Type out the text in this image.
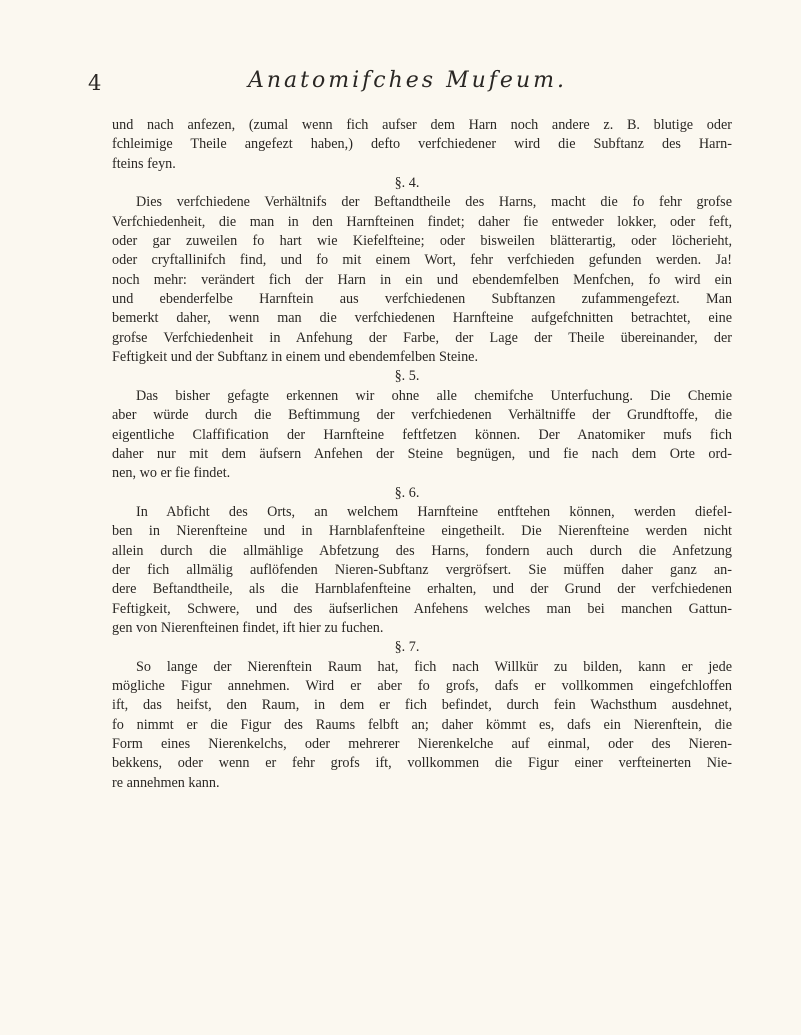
4	Anatomifches Mufeum.
und nach anfezen, (zumal wenn fich aufser dem Harn noch andere z. B. blutige oder
fchleimige Theile angefezt haben,) defto verfchiedener wird die Subftanz des Harn-
fteins feyn.
§. 4.
Dies verfchiedene Verhältnifs der Beftandtheile des Harns, macht die fo fehr grofse
Verfchiedenheit, die man in den Harnfteinen findet; daher fie entweder lokker, oder feft,
oder gar zuweilen fo hart wie Kiefelfteine; oder bisweilen blätterartig, oder löcherieht,
oder cryftallinifch find, und fo mit einem Wort, fehr verfchieden gefunden werden. Ja!
noch mehr: verändert fich der Harn in ein und ebendemfelben Menfchen, fo wird ein
und ebenderfelbe Harnftein aus verfchiedenen Subftanzen zufammengefezt. Man
bemerkt daher, wenn man die verfchiedenen Harnfteine aufgefchnitten betrachtet, eine
grofse Verfchiedenheit in Anfehung der Farbe, der Lage der Theile übereinander, der
Feftigkeit und der Subftanz in einem und ebendemfelben Steine.
§. 5.
Das bisher gefagte erkennen wir ohne alle chemifche Unterfuchung. Die Chemie
aber würde durch die Beftimmung der verfchiedenen Verhältniffe der Grundftoffe, die
eigentliche Claffification der Harnfteine feftfetzen können. Der Anatomiker mufs fich
daher nur mit dem äufsern Anfehen der Steine begnügen, und fie nach dem Orte ord-
nen, wo er fie findet.
§. 6.
In Abficht des Orts, an welchem Harnfteine entftehen können, werden diefel-
ben in Nierenfteine und in Harnblafenfteine eingetheilt. Die Nierenfteine werden nicht
allein durch die allmählige Abfetzung des Harns, fondern auch durch die Anfetzung
der fich allmälig auflöfenden Nieren-Subftanz vergröfsert. Sie müffen daher ganz an-
dere Beftandtheile, als die Harnblafenfteine erhalten, und der Grund der verfchiedenen
Feftigkeit, Schwere, und des äufserlichen Anfehens welches man bei manchen Gattun-
gen von Nierenfteinen findet, ift hier zu fuchen.
§. 7.
So lange der Nierenftein Raum hat, fich nach Willkür zu bilden, kann er jede
mögliche Figur annehmen. Wird er aber fo grofs, dafs er vollkommen eingefchloffen
ift, das heifst, den Raum, in dem er fich befindet, durch fein Wachsthum ausdehnet,
fo nimmt er die Figur des Raums felbft an; daher kömmt es, dafs ein Nierenftein, die
Form eines Nierenkelchs, oder mehrerer Nierenkelche auf einmal, oder des Nieren-
bekkens, oder wenn er fehr grofs ift, vollkommen die Figur einer verfteinerten Nie-
re annehmen kann.
